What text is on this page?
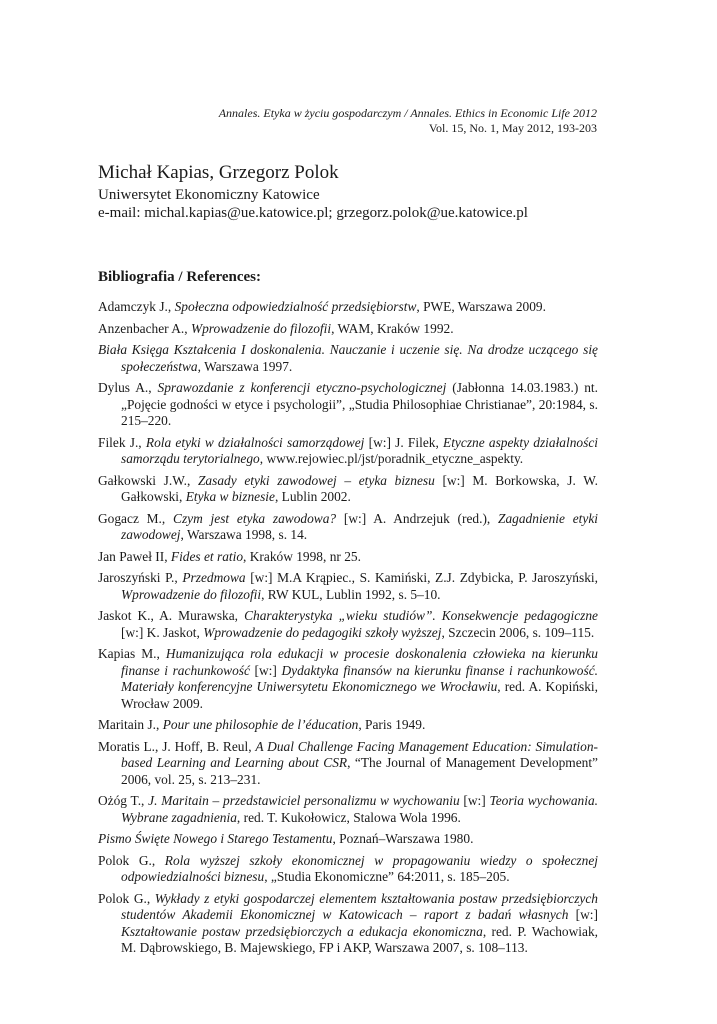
Annales. Etyka w życiu gospodarczym / Annales. Ethics in Economic Life 2012
Vol. 15, No. 1, May 2012, 193-203
Michał Kapias, Grzegorz Polok
Uniwersytet Ekonomiczny Katowice
e-mail: michal.kapias@ue.katowice.pl; grzegorz.polok@ue.katowice.pl
Bibliografia / References:
Adamczyk J., Społeczna odpowiedzialność przedsiębiorstw, PWE, Warszawa 2009.
Anzenbacher A., Wprowadzenie do filozofii, WAM, Kraków 1992.
Biała Księga Kształcenia I doskonalenia. Nauczanie i uczenie się. Na drodze uczącego się społeczeństwa, Warszawa 1997.
Dylus A., Sprawozdanie z konferencji etyczno-psychologicznej (Jabłonna 14.03.1983.) nt. „Pojęcie godności w etyce i psychologii”, „Studia Philosophiae Christianae”, 20:1984, s. 215–220.
Filek J., Rola etyki w działalności samorządowej [w:] J. Filek, Etyczne aspekty działalności samorządu terytorialnego, www.rejowiec.pl/jst/poradnik_etyczne_aspekty.
Gałkowski J.W., Zasady etyki zawodowej – etyka biznesu [w:] M. Borkowska, J. W. Gałkowski, Etyka w biznesie, Lublin 2002.
Gogacz M., Czym jest etyka zawodowa? [w:] A. Andrzejuk (red.), Zagadnienie etyki zawodowej, Warszawa 1998, s. 14.
Jan Paweł II, Fides et ratio, Kraków 1998, nr 25.
Jaroszyński P., Przedmowa [w:] M.A Krąpiec., S. Kamiński, Z.J. Zdybicka, P. Jaroszyński, Wprowadzenie do filozofii, RW KUL, Lublin 1992, s. 5–10.
Jaskot K., A. Murawska, Charakterystyka „wieku studiów”. Konsekwencje pedagogiczne [w:] K. Jaskot, Wprowadzenie do pedagogiki szkoły wyższej, Szczecin 2006, s. 109–115.
Kapias M., Humanizująca rola edukacji w procesie doskonalenia człowieka na kierunku finanse i rachunkowość [w:] Dydaktyka finansów na kierunku finanse i rachunkowość. Materiały konferencyjne Uniwersytetu Ekonomicznego we Wrocławiu, red. A. Kopiński, Wrocław 2009.
Maritain J., Pour une philosophie de l’éducation, Paris 1949.
Moratis L., J. Hoff, B. Reul, A Dual Challenge Facing Management Education: Simulation-based Learning and Learning about CSR, “The Journal of Management Development” 2006, vol. 25, s. 213–231.
Ożóg T., J. Maritain – przedstawiciel personalizmu w wychowaniu [w:] Teoria wychowania. Wybrane zagadnienia, red. T. Kukołowicz, Stalowa Wola 1996.
Pismo Święte Nowego i Starego Testamentu, Poznań–Warszawa 1980.
Polok G., Rola wyższej szkoły ekonomicznej w propagowaniu wiedzy o społecznej odpowiedzialności biznesu, „Studia Ekonomiczne” 64:2011, s. 185–205.
Polok G., Wykłady z etyki gospodarczej elementem kształtowania postaw przedsiębiorczych studentów Akademii Ekonomicznej w Katowicach – raport z badań własnych [w:] Kształtowanie postaw przedsiębiorczych a edukacja ekonomiczna, red. P. Wachowiak, M. Dąbrowskiego, B. Majewskiego, FP i AKP, Warszawa 2007, s. 108–113.
